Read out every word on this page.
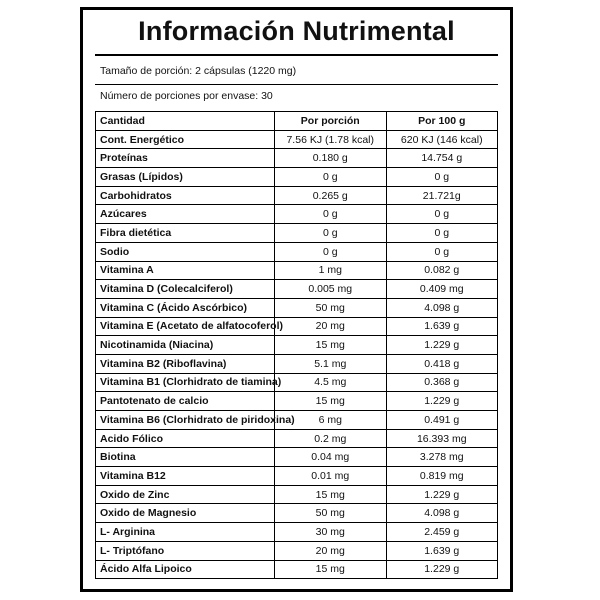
Información Nutrimental
Tamaño de porción: 2 cápsulas (1220 mg)
Número de porciones por envase: 30
Cantidad	Por porción	Por 100 g
Cont. Energético	7.56 KJ (1.78 kcal)	620 KJ (146 kcal)
Proteínas	0.180 g	14.754 g
Grasas (Lípidos)	0 g	0 g
Carbohidratos	0.265 g	21.721g
Azúcares	0 g	0 g
Fibra dietética	0 g	0 g
Sodio	0 g	0 g
Vitamina A	1 mg	0.082 g
Vitamina D (Colecalciferol)	0.005 mg	0.409 mg
Vitamina C (Ácido Ascórbico)	50 mg	4.098 g
Vitamina E (Acetato de alfatocoferol)	20 mg	1.639 g
Nicotinamida (Niacina)	15 mg	1.229 g
Vitamina B2 (Riboflavina)	5.1 mg	0.418 g
Vitamina B1 (Clorhidrato de tiamina)	4.5 mg	0.368 g
Pantotenato de calcio	15 mg	1.229 g
Vitamina B6 (Clorhidrato de piridoxina)	6 mg	0.491 g
Acido Fólico	0.2 mg	16.393 mg
Biotina	0.04 mg	3.278 mg
Vitamina B12	0.01 mg	0.819 mg
Oxido de Zinc	15 mg	1.229 g
Oxido de Magnesio	50 mg	4.098 g
L- Arginina	30 mg	2.459 g
L- Triptófano	20 mg	1.639 g
Ácido Alfa Lipoico	15 mg	1.229 g
